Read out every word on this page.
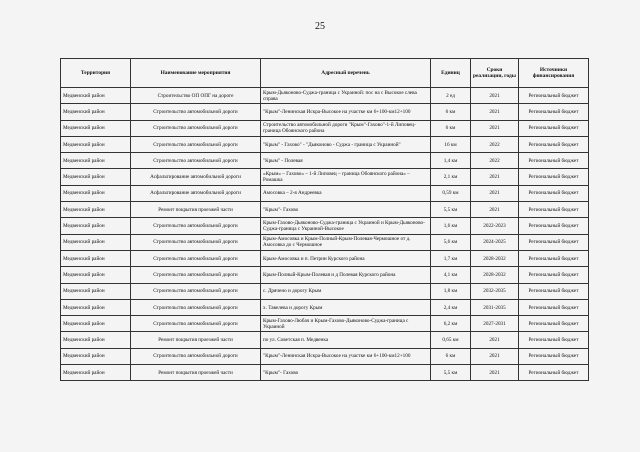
25
Территория	Наименование мероприятия	Адресный перечень	Единиц	Сроки реализации, годы	Источники финансирования
Медвенский район	Строительство ОП ОПГ на дороге	Крым-Дьяконово-Суджа-граница с Украиной: пос на с Высокое слева справа	2 ед	2021	Региональный бюджет
Медвенский район	Строительство автомобильной дороги	"Крым"-Ленинская Искра-Высокое на участке км 6+100-км12+100	6 км	2021	Региональный бюджет
Медвенский район	Строительство автомобильной дороги	Строительство автомобильной дороги "Крым"-Гахово"-1-й Липовец-граница Обоянского района	6 км	2021	Региональный бюджет
Медвенский район	Строительство автомобильной дороги	"Крым" - Гахово" - "Дьяконово - Суджа - граница с Украиной"	16 км	2022	Региональный бюджет
Медвенский район	Строительство автомобильной дороги	"Крым" - Полевая	1,4 км	2022	Региональный бюджет
Медвенский район	Асфальтирование автомобильной дороги	«Крым» – Гахово» – 1-й Липовец – граница Обоянского района» – Ромашка	2,1 км	2021	Региональный бюджет
Медвенский район	Асфальтирование автомобильной дороги	Амосовка – 2-я Андреевка	0,59 км	2021	Региональный бюджет
Медвенский район	Ремонт покрытия проезжей части	"Крым"- Гахово	5,5 км	2021	Региональный бюджет
Медвенский район	Строительство автомобильной дороги	Крым-Гахово-Дьяконово-Суджа-граница с Украиной и Крым-Дьяконово-Суджа-граница с Украиной-Высокое	1,6 км	2022-2023	Региональный бюджет
Медвенский район	Строительство автомобильной дороги	Крым-Амосовка и Крым-Полный-Крым-Полевая-Чермошное от д. Амосовка до с Чермошное	5,6 км	2024-2025	Региональный бюджет
Медвенский район	Строительство автомобильной дороги	Крым-Амосовка и п. Петрин Курского района	1,7 км	2028-2032	Региональный бюджет
Медвенский район	Строительство автомобильной дороги	Крым-Полный-Крым-Полевая и д Полевая Курского района	4,1 км	2028-2032	Региональный бюджет
Медвенский район	Строительство автомобильной дороги	с. Дрячено и дорогу Крым	1,8 км	2032-2035	Региональный бюджет
Медвенский район	Строительство автомобильной дороги	х. Тавелева и дорогу Крым	2,4 км	2031-2035	Региональный бюджет
Медвенский район	Строительство автомобильной дороги	Крым-Гахово-Любач и Крым-Гахово-Дьяконово-Суджа-граница с Украиной	6,2 км	2027-2031	Региональный бюджет
Медвенский район	Ремонт покрытия проезжей части	по ул. Советская п. Медвенка	0,65 км	2021	Региональный бюджет
Медвенский район	Строительство автомобильной дороги	"Крым"-Ленинская Искра-Высокое на участке км 6+100-км12+100	6 км	2021	Региональный бюджет
Медвенский район	Ремонт покрытия проезжей части	"Крым"- Гахово	5,5 км	2021	Региональный бюджет
